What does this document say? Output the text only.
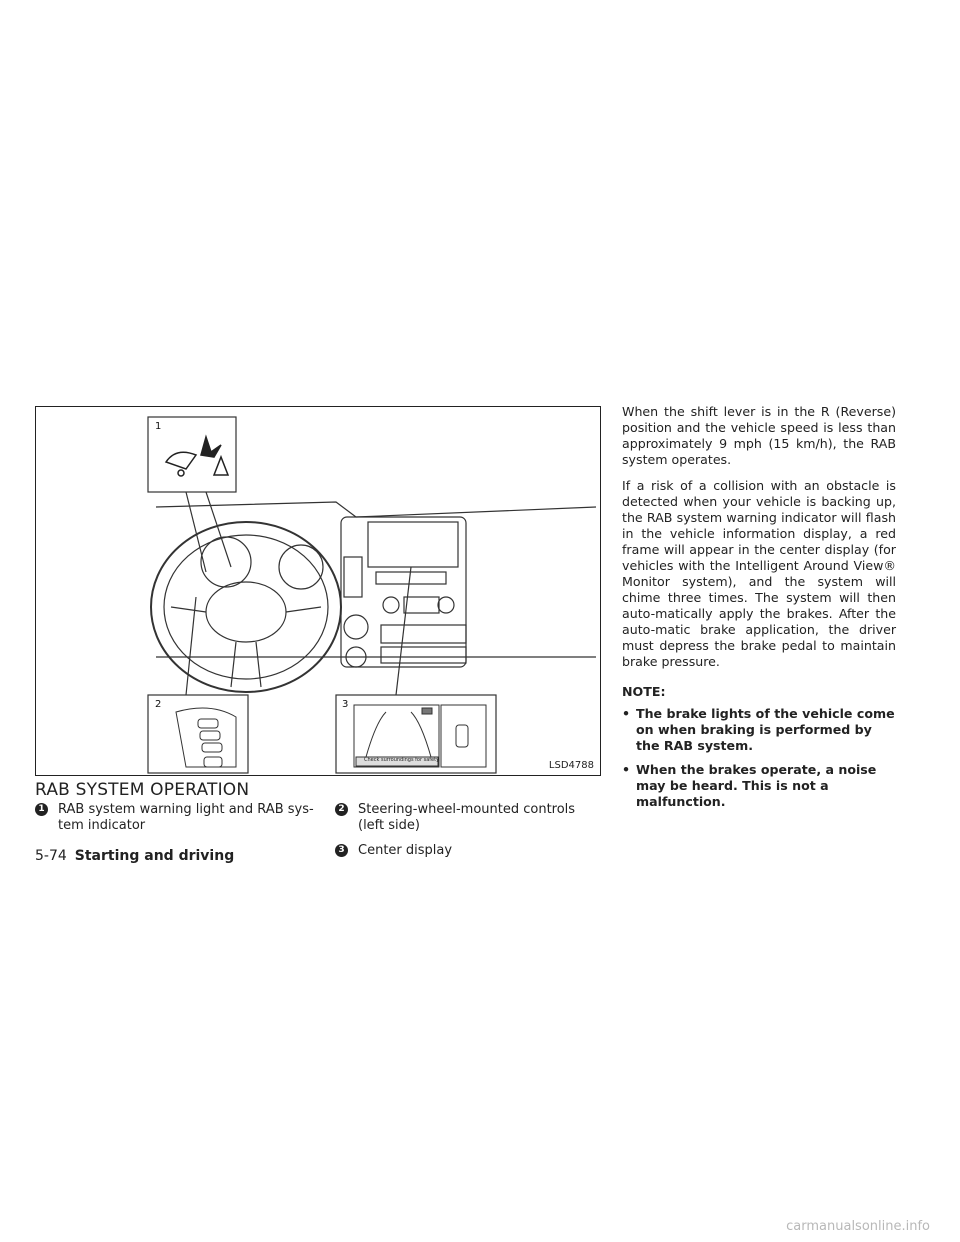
1
2	3
Check surroundings for safety.	LSD4788
RAB SYSTEM OPERATION
1	RAB system warning light and RAB sys-tem indicator
2	Steering-wheel-mounted controls (left side)
3	Center display

When the shift lever is in the R (Reverse) position and the vehicle speed is less than approximately 9 mph (15 km/h), the RAB system operates.

If a risk of a collision with an obstacle is detected when your vehicle is backing up, the RAB system warning indicator will flash in the vehicle information display, a red frame will appear in the center display (for vehicles with the Intelligent Around View® Monitor system), and the system will chime three times. The system will then auto-matically apply the brakes. After the auto-matic brake application, the driver must depress the brake pedal to maintain brake pressure.

NOTE:
• The brake lights of the vehicle come on when braking is performed by the RAB system.
• When the brakes operate, a noise may be heard. This is not a malfunction.
5-74 Starting and driving
carmanualsonline.info
